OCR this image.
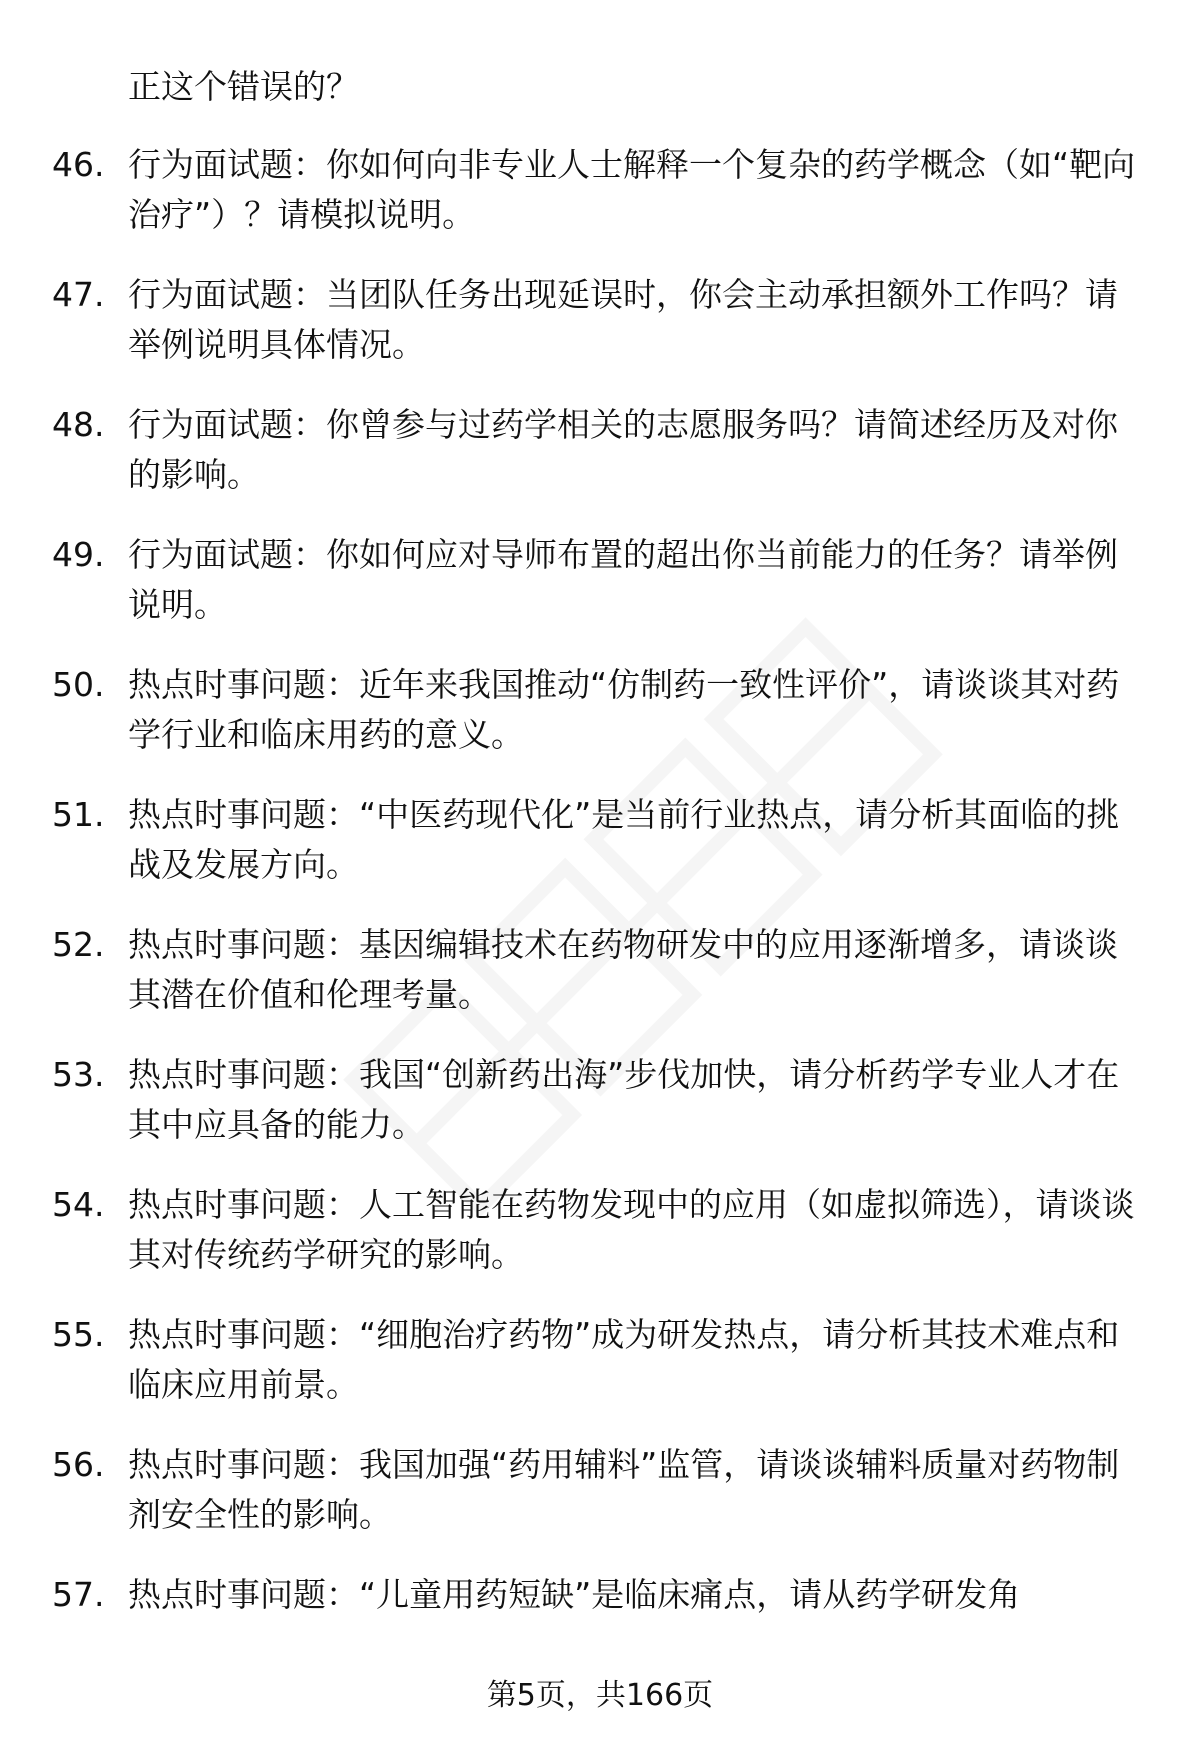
正这个错误的？

46. 行为面试题：你如何向非专业人士解释一个复杂的药学概念（如“靶向治疗”）？请模拟说明。

47. 行为面试题：当团队任务出现延误时，你会主动承担额外工作吗？请举例说明具体情况。

48. 行为面试题：你曾参与过药学相关的志愿服务吗？请简述经历及对你的影响。

49. 行为面试题：你如何应对导师布置的超出你当前能力的任务？请举例说明。

50. 热点时事问题：近年来我国推动“仿制药一致性评价”，请谈谈其对药学行业和临床用药的意义。

51. 热点时事问题：“中医药现代化”是当前行业热点，请分析其面临的挑战及发展方向。

52. 热点时事问题：基因编辑技术在药物研发中的应用逐渐增多，请谈谈其潜在价值和伦理考量。

53. 热点时事问题：我国“创新药出海”步伐加快，请分析药学专业人才在其中应具备的能力。

54. 热点时事问题：人工智能在药物发现中的应用（如虚拟筛选），请谈谈其对传统药学研究的影响。

55. 热点时事问题：“细胞治疗药物”成为研发热点，请分析其技术难点和临床应用前景。

56. 热点时事问题：我国加强“药用辅料”监管，请谈谈辅料质量对药物制剂安全性的影响。

57. 热点时事问题：“儿童用药短缺”是临床痛点，请从药学研发角

第5页，共166页
